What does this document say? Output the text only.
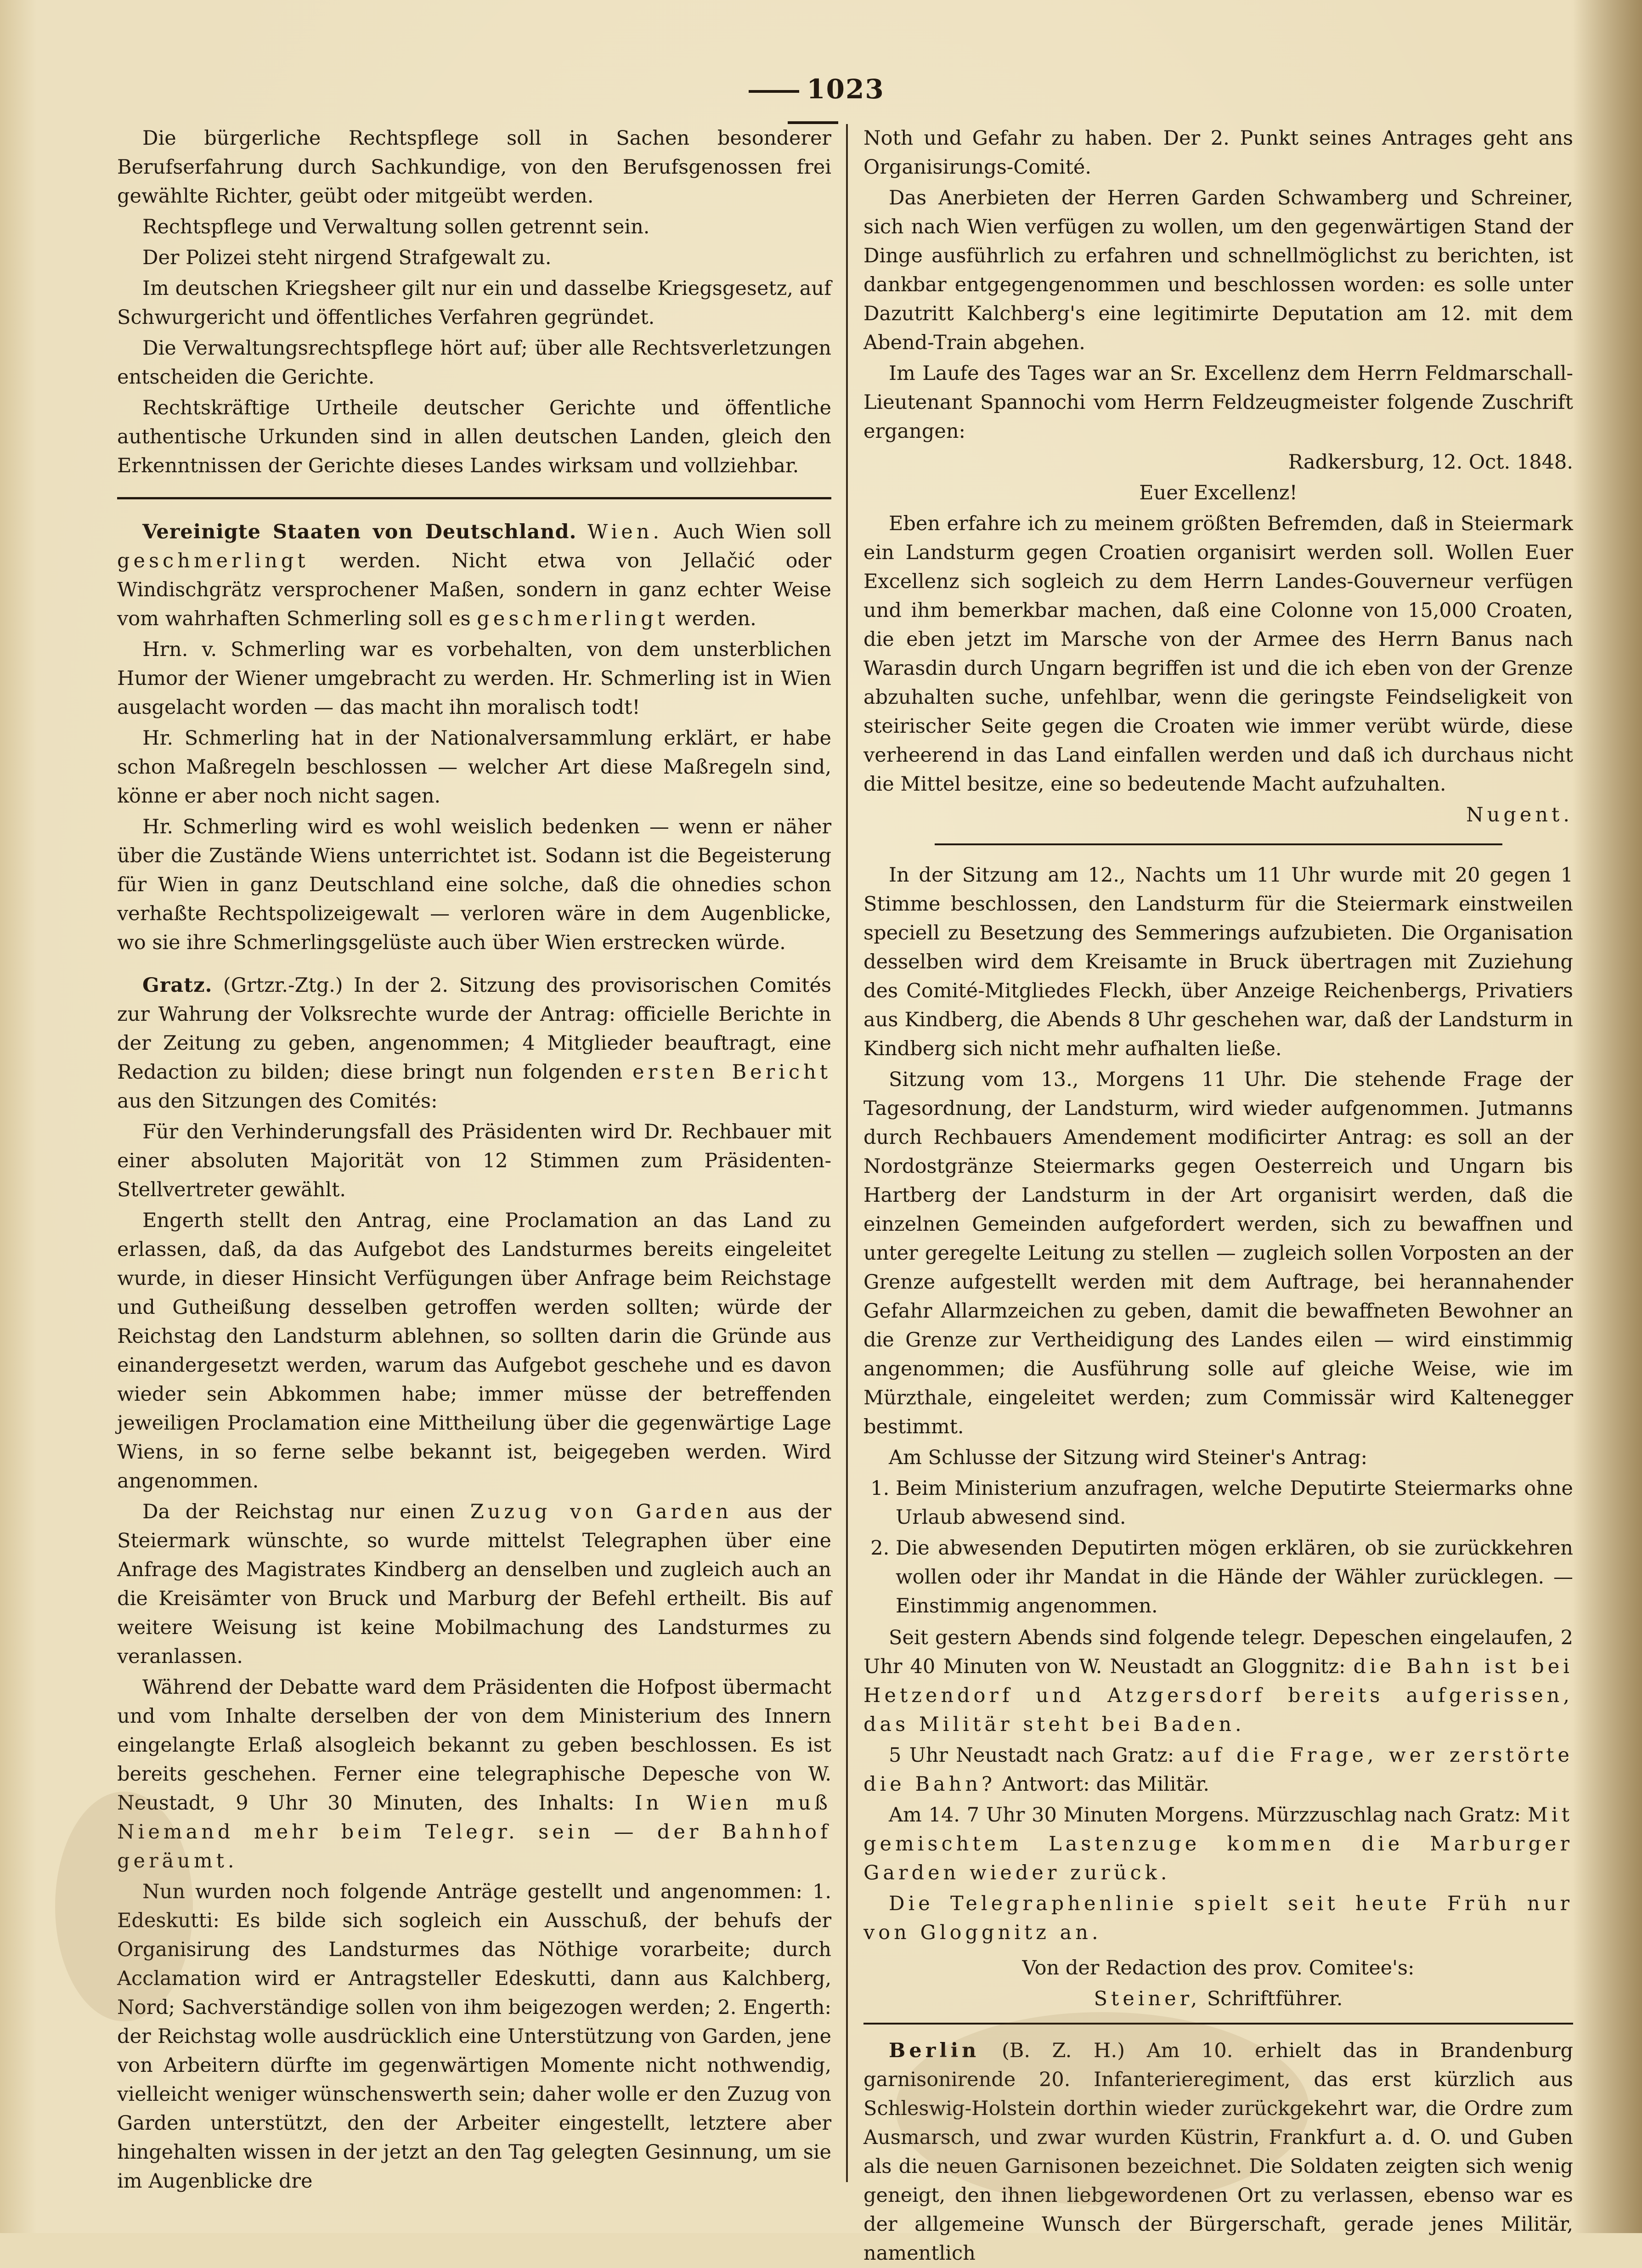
1023

Die bürgerliche Rechtspflege soll in Sachen besonderer Berufserfahrung durch Sachkundige, von den Berufsgenossen frei gewählte Richter, geübt oder mitgeübt werden.

Rechtspflege und Verwaltung sollen getrennt sein.

Der Polizei steht nirgend Strafgewalt zu.

Im deutschen Kriegsheer gilt nur ein und dasselbe Kriegsgesetz, auf Schwurgericht und öffentliches Verfahren gegründet.

Die Verwaltungsrechtspflege hört auf; über alle Rechtsverletzungen entscheiden die Gerichte.

Rechtskräftige Urtheile deutscher Gerichte und öffentliche authentische Urkunden sind in allen deutschen Landen, gleich den Erkenntnissen der Gerichte dieses Landes wirksam und vollziehbar.

Vereinigte Staaten von Deutschland. Wien. Auch Wien soll geschmerlingt werden. Nicht etwa von Jellačić oder Windischgrätz versprochener Maßen, sondern in ganz echter Weise vom wahrhaften Schmerling soll es geschmerlingt werden.

Hrn. v. Schmerling war es vorbehalten, von dem unsterblichen Humor der Wiener umgebracht zu werden. Hr. Schmerling ist in Wien ausgelacht worden — das macht ihn moralisch todt!

Hr. Schmerling hat in der Nationalversammlung erklärt, er habe schon Maßregeln beschlossen — welcher Art diese Maßregeln sind, könne er aber noch nicht sagen.

Hr. Schmerling wird es wohl weislich bedenken — wenn er näher über die Zustände Wiens unterrichtet ist. Sodann ist die Begeisterung für Wien in ganz Deutschland eine solche, daß die ohnedies schon verhaßte Rechtspolizeigewalt — verloren wäre in dem Augenblicke, wo sie ihre Schmerlingsgelüste auch über Wien erstrecken würde.

Gratz. (Grtzr.-Ztg.) In der 2. Sitzung des provisorischen Comités zur Wahrung der Volksrechte wurde der Antrag: officielle Berichte in der Zeitung zu geben, angenommen; 4 Mitglieder beauftragt, eine Redaction zu bilden; diese bringt nun folgenden ersten Bericht aus den Sitzungen des Comités:

Für den Verhinderungsfall des Präsidenten wird Dr. Rechbauer mit einer absoluten Majorität von 12 Stimmen zum Präsidenten-Stellvertreter gewählt.

Engerth stellt den Antrag, eine Proclamation an das Land zu erlassen, daß, da das Aufgebot des Landsturmes bereits eingeleitet wurde, in dieser Hinsicht Verfügungen über Anfrage beim Reichstage und Gutheißung desselben getroffen werden sollten; würde der Reichstag den Landsturm ablehnen, so sollten darin die Gründe aus einandergesetzt werden, warum das Aufgebot geschehe und es davon wieder sein Abkommen habe; immer müsse der betreffenden jeweiligen Proclamation eine Mittheilung über die gegenwärtige Lage Wiens, in so ferne selbe bekannt ist, beigegeben werden. Wird angenommen.

Da der Reichstag nur einen Zuzug von Garden aus der Steiermark wünschte, so wurde mittelst Telegraphen über eine Anfrage des Magistrates Kindberg an denselben und zugleich auch an die Kreisämter von Bruck und Marburg der Befehl ertheilt. Bis auf weitere Weisung ist keine Mobilmachung des Landsturmes zu veranlassen.

Während der Debatte ward dem Präsidenten die Hofpost übermacht und vom Inhalte derselben der von dem Ministerium des Innern eingelangte Erlaß alsogleich bekannt zu geben beschlossen. Es ist bereits geschehen. Ferner eine telegraphische Depesche von W. Neustadt, 9 Uhr 30 Minuten, des Inhalts: In Wien muß Niemand mehr beim Telegr. sein — der Bahnhof geräumt.

Nun wurden noch folgende Anträge gestellt und angenommen: 1. Edeskutti: Es bilde sich sogleich ein Ausschuß, der behufs der Organisirung des Landsturmes das Nöthige vorarbeite; durch Acclamation wird er Antragsteller Edeskutti, dann aus Kalchberg, Nord; Sachverständige sollen von ihm beigezogen werden; 2. Engerth: der Reichstag wolle ausdrücklich eine Unterstützung von Garden, jene von Arbeitern dürfte im gegenwärtigen Momente nicht nothwendig, vielleicht weniger wünschenswerth sein; daher wolle er den Zuzug von Garden unterstützt, den der Arbeiter eingestellt, letztere aber hingehalten wissen in der jetzt an den Tag gelegten Gesinnung, um sie im Augenblicke dre

Noth und Gefahr zu haben. Der 2. Punkt seines Antrages geht ans Organisirungs-Comité.

Das Anerbieten der Herren Garden Schwamberg und Schreiner, sich nach Wien verfügen zu wollen, um den gegenwärtigen Stand der Dinge ausführlich zu erfahren und schnellmöglichst zu berichten, ist dankbar entgegengenommen und beschlossen worden: es solle unter Dazutritt Kalchberg's eine legitimirte Deputation am 12. mit dem Abend-Train abgehen.

Im Laufe des Tages war an Sr. Excellenz dem Herrn Feldmarschall-Lieutenant Spannochi vom Herrn Feldzeugmeister folgende Zuschrift ergangen:

Radkersburg, 12. Oct. 1848.

Euer Excellenz!

Eben erfahre ich zu meinem größten Befremden, daß in Steiermark ein Landsturm gegen Croatien organisirt werden soll. Wollen Euer Excellenz sich sogleich zu dem Herrn Landes-Gouverneur verfügen und ihm bemerkbar machen, daß eine Colonne von 15,000 Croaten, die eben jetzt im Marsche von der Armee des Herrn Banus nach Warasdin durch Ungarn begriffen ist und die ich eben von der Grenze abzuhalten suche, unfehlbar, wenn die geringste Feindseligkeit von steirischer Seite gegen die Croaten wie immer verübt würde, diese verheerend in das Land einfallen werden und daß ich durchaus nicht die Mittel besitze, eine so bedeutende Macht aufzuhalten.

Nugent.

In der Sitzung am 12., Nachts um 11 Uhr wurde mit 20 gegen 1 Stimme beschlossen, den Landsturm für die Steiermark einstweilen speciell zu Besetzung des Semmerings aufzubieten. Die Organisation desselben wird dem Kreisamte in Bruck übertragen mit Zuziehung des Comité-Mitgliedes Fleckh, über Anzeige Reichenbergs, Privatiers aus Kindberg, die Abends 8 Uhr geschehen war, daß der Landsturm in Kindberg sich nicht mehr aufhalten ließe.

Sitzung vom 13., Morgens 11 Uhr. Die stehende Frage der Tagesordnung, der Landsturm, wird wieder aufgenommen. Jutmanns durch Rechbauers Amendement modificirter Antrag: es soll an der Nordostgränze Steiermarks gegen Oesterreich und Ungarn bis Hartberg der Landsturm in der Art organisirt werden, daß die einzelnen Gemeinden aufgefordert werden, sich zu bewaffnen und unter geregelte Leitung zu stellen — zugleich sollen Vorposten an der Grenze aufgestellt werden mit dem Auftrage, bei herannahender Gefahr Allarmzeichen zu geben, damit die bewaffneten Bewohner an die Grenze zur Vertheidigung des Landes eilen — wird einstimmig angenommen; die Ausführung solle auf gleiche Weise, wie im Mürzthale, eingeleitet werden; zum Commissär wird Kaltenegger bestimmt.

Am Schlusse der Sitzung wird Steiner's Antrag:

1. Beim Ministerium anzufragen, welche Deputirte Steiermarks ohne Urlaub abwesend sind.
2. Die abwesenden Deputirten mögen erklären, ob sie zurückkehren wollen oder ihr Mandat in die Hände der Wähler zurücklegen. — Einstimmig angenommen.

Seit gestern Abends sind folgende telegr. Depeschen eingelaufen, 2 Uhr 40 Minuten von W. Neustadt an Gloggnitz: die Bahn ist bei Hetzendorf und Atzgersdorf bereits aufgerissen, das Militär steht bei Baden.

5 Uhr Neustadt nach Gratz: auf die Frage, wer zerstörte die Bahn? Antwort: das Militär.

Am 14. 7 Uhr 30 Minuten Morgens. Mürzzuschlag nach Gratz: Mit gemischtem Lastenzuge kommen die Marburger Garden wieder zurück.

Die Telegraphenlinie spielt seit heute Früh nur von Gloggnitz an.

Von der Redaction des prov. Comitee's:

Steiner, Schriftführer.

Berlin (B. Z. H.) Am 10. erhielt das in Brandenburg garnisonirende 20. Infanterieregiment, das erst kürzlich aus Schleswig-Holstein dorthin wieder zurückgekehrt war, die Ordre zum Ausmarsch, und zwar wurden Küstrin, Frankfurt a. d. O. und Guben als die neuen Garnisonen bezeichnet. Die Soldaten zeigten sich wenig geneigt, den ihnen liebgewordenen Ort zu verlassen, ebenso war es der allgemeine Wunsch der Bürgerschaft, gerade jenes Militär, namentlich
